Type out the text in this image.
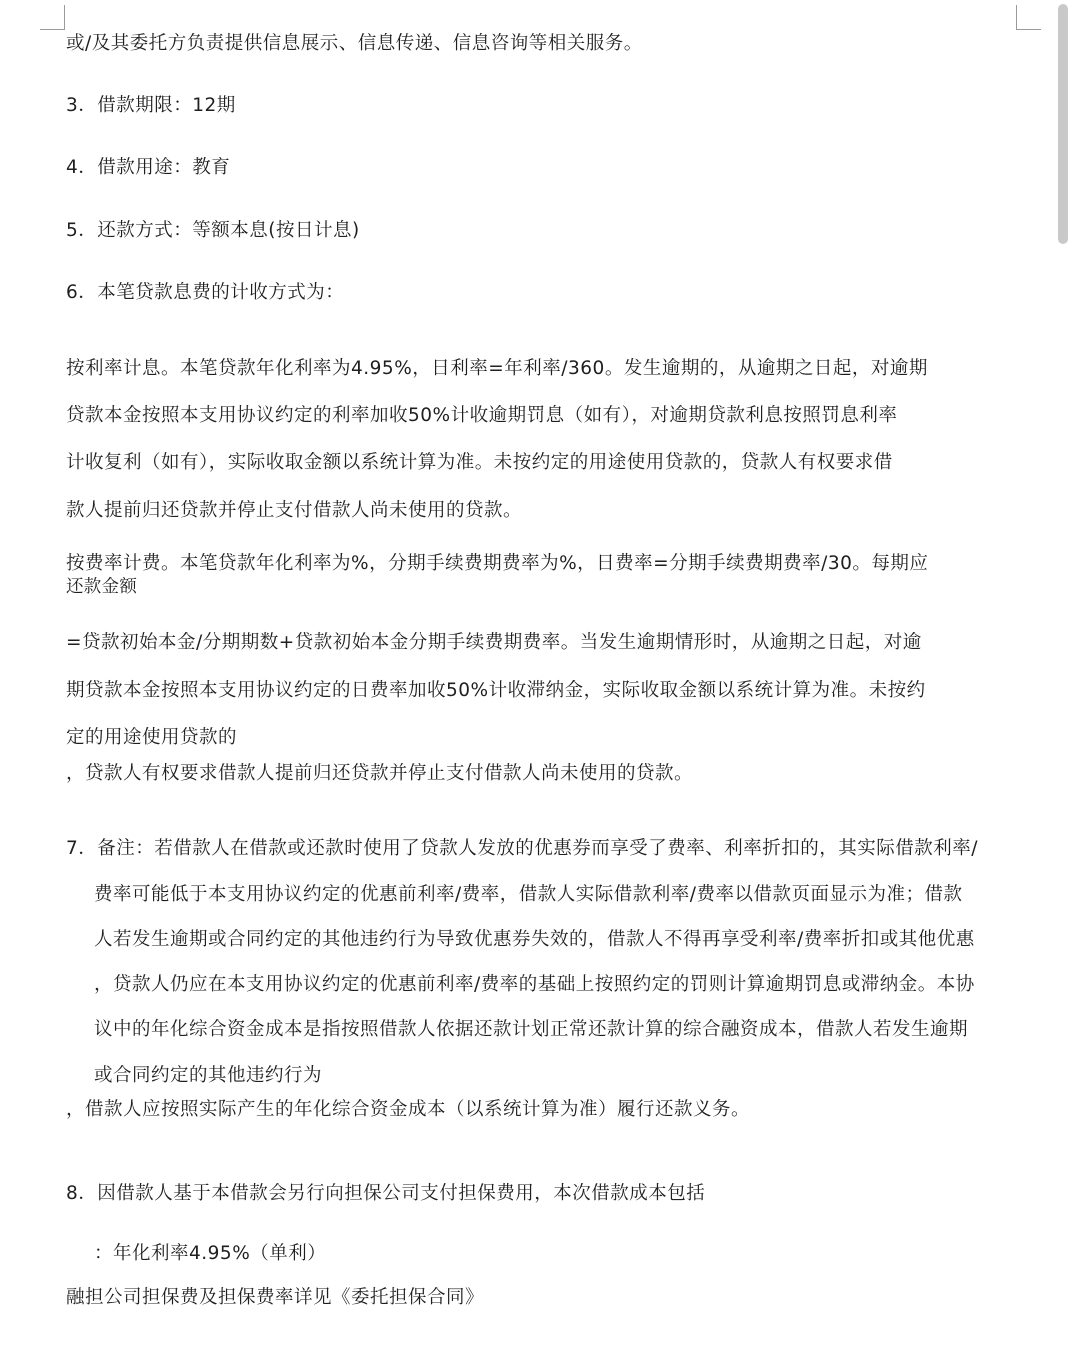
或/及其委托方负责提供信息展示、信息传递、信息咨询等相关服务。
3．借款期限：12期
4．借款用途：教育
5．还款方式：等额本息(按日计息)
6．本笔贷款息费的计收方式为：
按利率计息。本笔贷款年化利率为4.95%，日利率=年利率/360。发生逾期的，从逾期之日起，对逾期
贷款本金按照本支用协议约定的利率加收50%计收逾期罚息（如有），对逾期贷款利息按照罚息利率
计收复利（如有），实际收取金额以系统计算为准。未按约定的用途使用贷款的，贷款人有权要求借
款人提前归还贷款并停止支付借款人尚未使用的贷款。
按费率计费。本笔贷款年化利率为%，分期手续费期费率为%，日费率=分期手续费期费率/30。每期应
还款金额
=贷款初始本金/分期期数+贷款初始本金分期手续费期费率。当发生逾期情形时，从逾期之日起，对逾
期贷款本金按照本支用协议约定的日费率加收50%计收滞纳金，实际收取金额以系统计算为准。未按约
定的用途使用贷款的
，贷款人有权要求借款人提前归还贷款并停止支付借款人尚未使用的贷款。
7．备注：若借款人在借款或还款时使用了贷款人发放的优惠券而享受了费率、利率折扣的，其实际借款利率/
费率可能低于本支用协议约定的优惠前利率/费率，借款人实际借款利率/费率以借款页面显示为准；借款
人若发生逾期或合同约定的其他违约行为导致优惠券失效的，借款人不得再享受利率/费率折扣或其他优惠
，贷款人仍应在本支用协议约定的优惠前利率/费率的基础上按照约定的罚则计算逾期罚息或滞纳金。本协
议中的年化综合资金成本是指按照借款人依据还款计划正常还款计算的综合融资成本，借款人若发生逾期
或合同约定的其他违约行为
，借款人应按照实际产生的年化综合资金成本（以系统计算为准）履行还款义务。
8．因借款人基于本借款会另行向担保公司支付担保费用，本次借款成本包括
：年化利率4.95%（单利）
融担公司担保费及担保费率详见《委托担保合同》
